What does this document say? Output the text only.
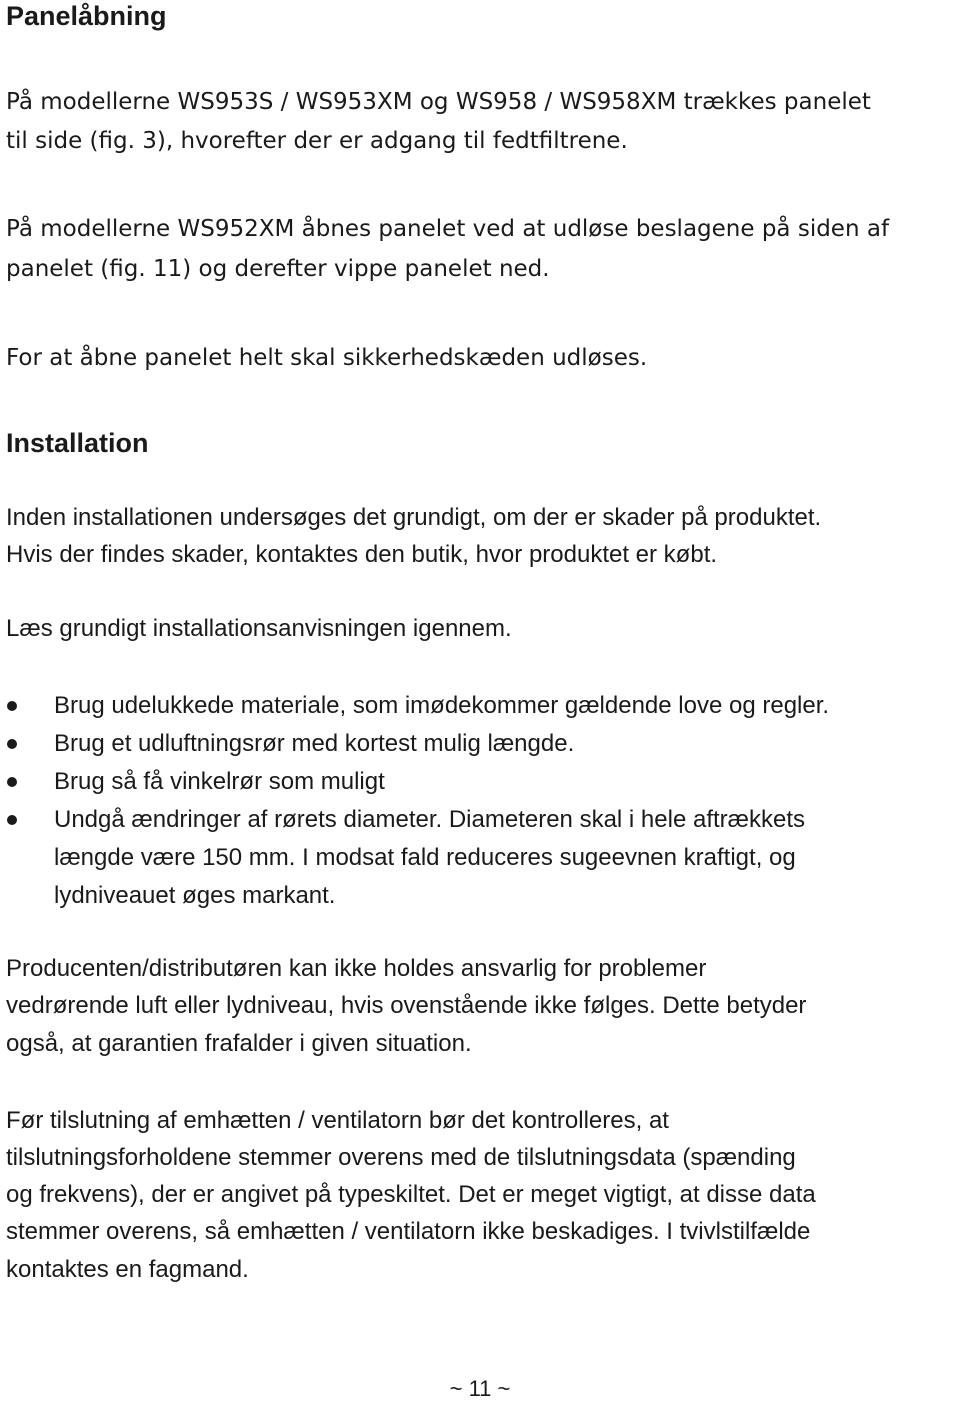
Panelåbning
På modellerne WS953S / WS953XM og WS958 / WS958XM trækkes panelet
til side (fig. 3), hvorefter der er adgang til fedtfiltrene.
På modellerne WS952XM åbnes panelet ved at udløse beslagene på siden af
panelet (fig. 11) og derefter vippe panelet ned.
For at åbne panelet helt skal sikkerhedskæden udløses.
Installation
Inden installationen undersøges det grundigt, om der er skader på produktet.
Hvis der findes skader, kontaktes den butik, hvor produktet er købt.
Læs grundigt installationsanvisningen igennem.
Brug udelukkede materiale, som imødekommer gældende love og regler.
Brug et udluftningsrør med kortest mulig længde.
Brug så få vinkelrør som muligt
Undgå ændringer af rørets diameter. Diameteren skal i hele aftrækkets
længde være 150 mm. I modsat fald reduceres sugeevnen kraftigt, og
lydniveauet øges markant.
Producenten/distributøren kan ikke holdes ansvarlig for problemer
vedrørende luft eller lydniveau, hvis ovenstående ikke følges. Dette betyder
også, at garantien frafalder i given situation.
Før tilslutning af emhætten / ventilatorn bør det kontrolleres, at
tilslutningsforholdene stemmer overens med de tilslutningsdata (spænding
og frekvens), der er angivet på typeskiltet. Det er meget vigtigt, at disse data
stemmer overens, så emhætten / ventilatorn ikke beskadiges. I tvivlstilfælde
kontaktes en fagmand.
~ 11 ~
